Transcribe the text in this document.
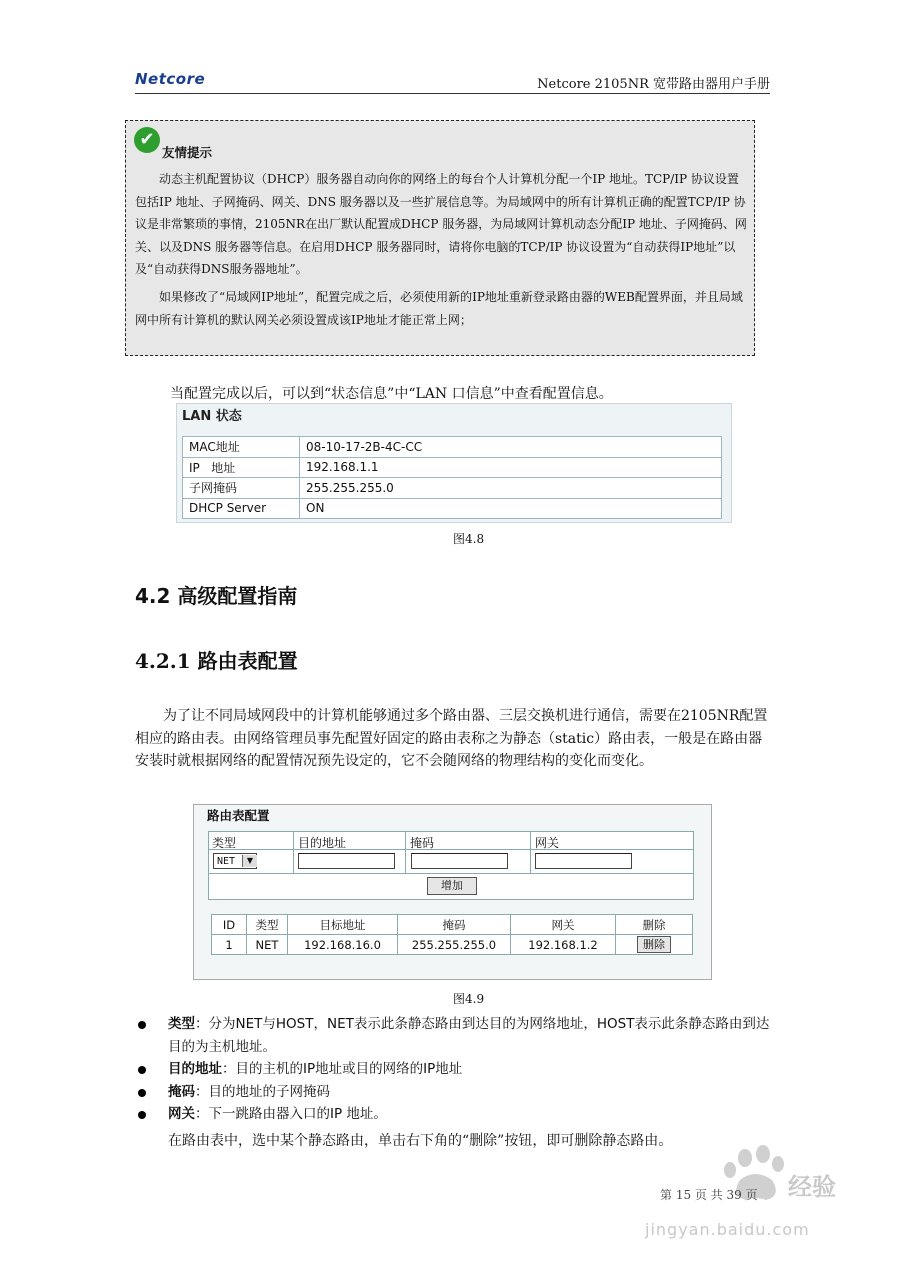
Netcore	Netcore 2105NR 宽带路由器用户手册
✔
友情提示

动态主机配置协议（DHCP）服务器自动向你的网络上的每台个人计算机分配一个IP 地址。TCP/IP 协议设置包括IP 地址、子网掩码、网关、DNS 服务器以及一些扩展信息等。为局域网中的所有计算机正确的配置TCP/IP 协议是非常繁琐的事情，2105NR在出厂默认配置成DHCP 服务器，为局域网计算机动态分配IP 地址、子网掩码、网关、以及DNS 服务器等信息。在启用DHCP 服务器同时，请将你电脑的TCP/IP 协议设置为“自动获得IP地址”以及“自动获得DNS服务器地址”。

如果修改了“局域网IP地址”，配置完成之后，必须使用新的IP地址重新登录路由器的WEB配置界面，并且局域网中所有计算机的默认网关必须设置成该IP地址才能正常上网；

当配置完成以后，可以到“状态信息”中“LAN 口信息”中查看配置信息。
LAN 状态
MAC地址	08-10-17-2B-4C-CC
IP   地址	192.168.1.1
子网掩码	255.255.255.0
DHCP Server	ON
图4.8
4.2 高级配置指南
4.2.1 路由表配置

为了让不同局域网段中的计算机能够通过多个路由器、三层交换机进行通信，需要在2105NR配置相应的路由表。由网络管理员事先配置好固定的路由表称之为静态（static）路由表，一般是在路由器安装时就根据网络的配置情况预先设定的，它不会随网络的物理结构的变化而变化。

路由表配置
类型	目的地址	掩码	网关
NET	▼
增加
ID	类型	目标地址	掩码	网关	删除
1	NET	192.168.16.0	255.255.255.0	192.168.1.2	删除
图4.9
类型：分为NET与HOST，NET表示此条静态路由到达目的为网络地址，HOST表示此条静态路由到达目的为主机地址。
目的地址：目的主机的IP地址或目的网络的IP地址
掩码：目的地址的子网掩码
网关：下一跳路由器入口的IP 地址。
在路由表中，选中某个静态路由，单击右下角的“删除”按钮，即可删除静态路由。
经验
jingyan.baidu.com
第 15 页 共 39 页
